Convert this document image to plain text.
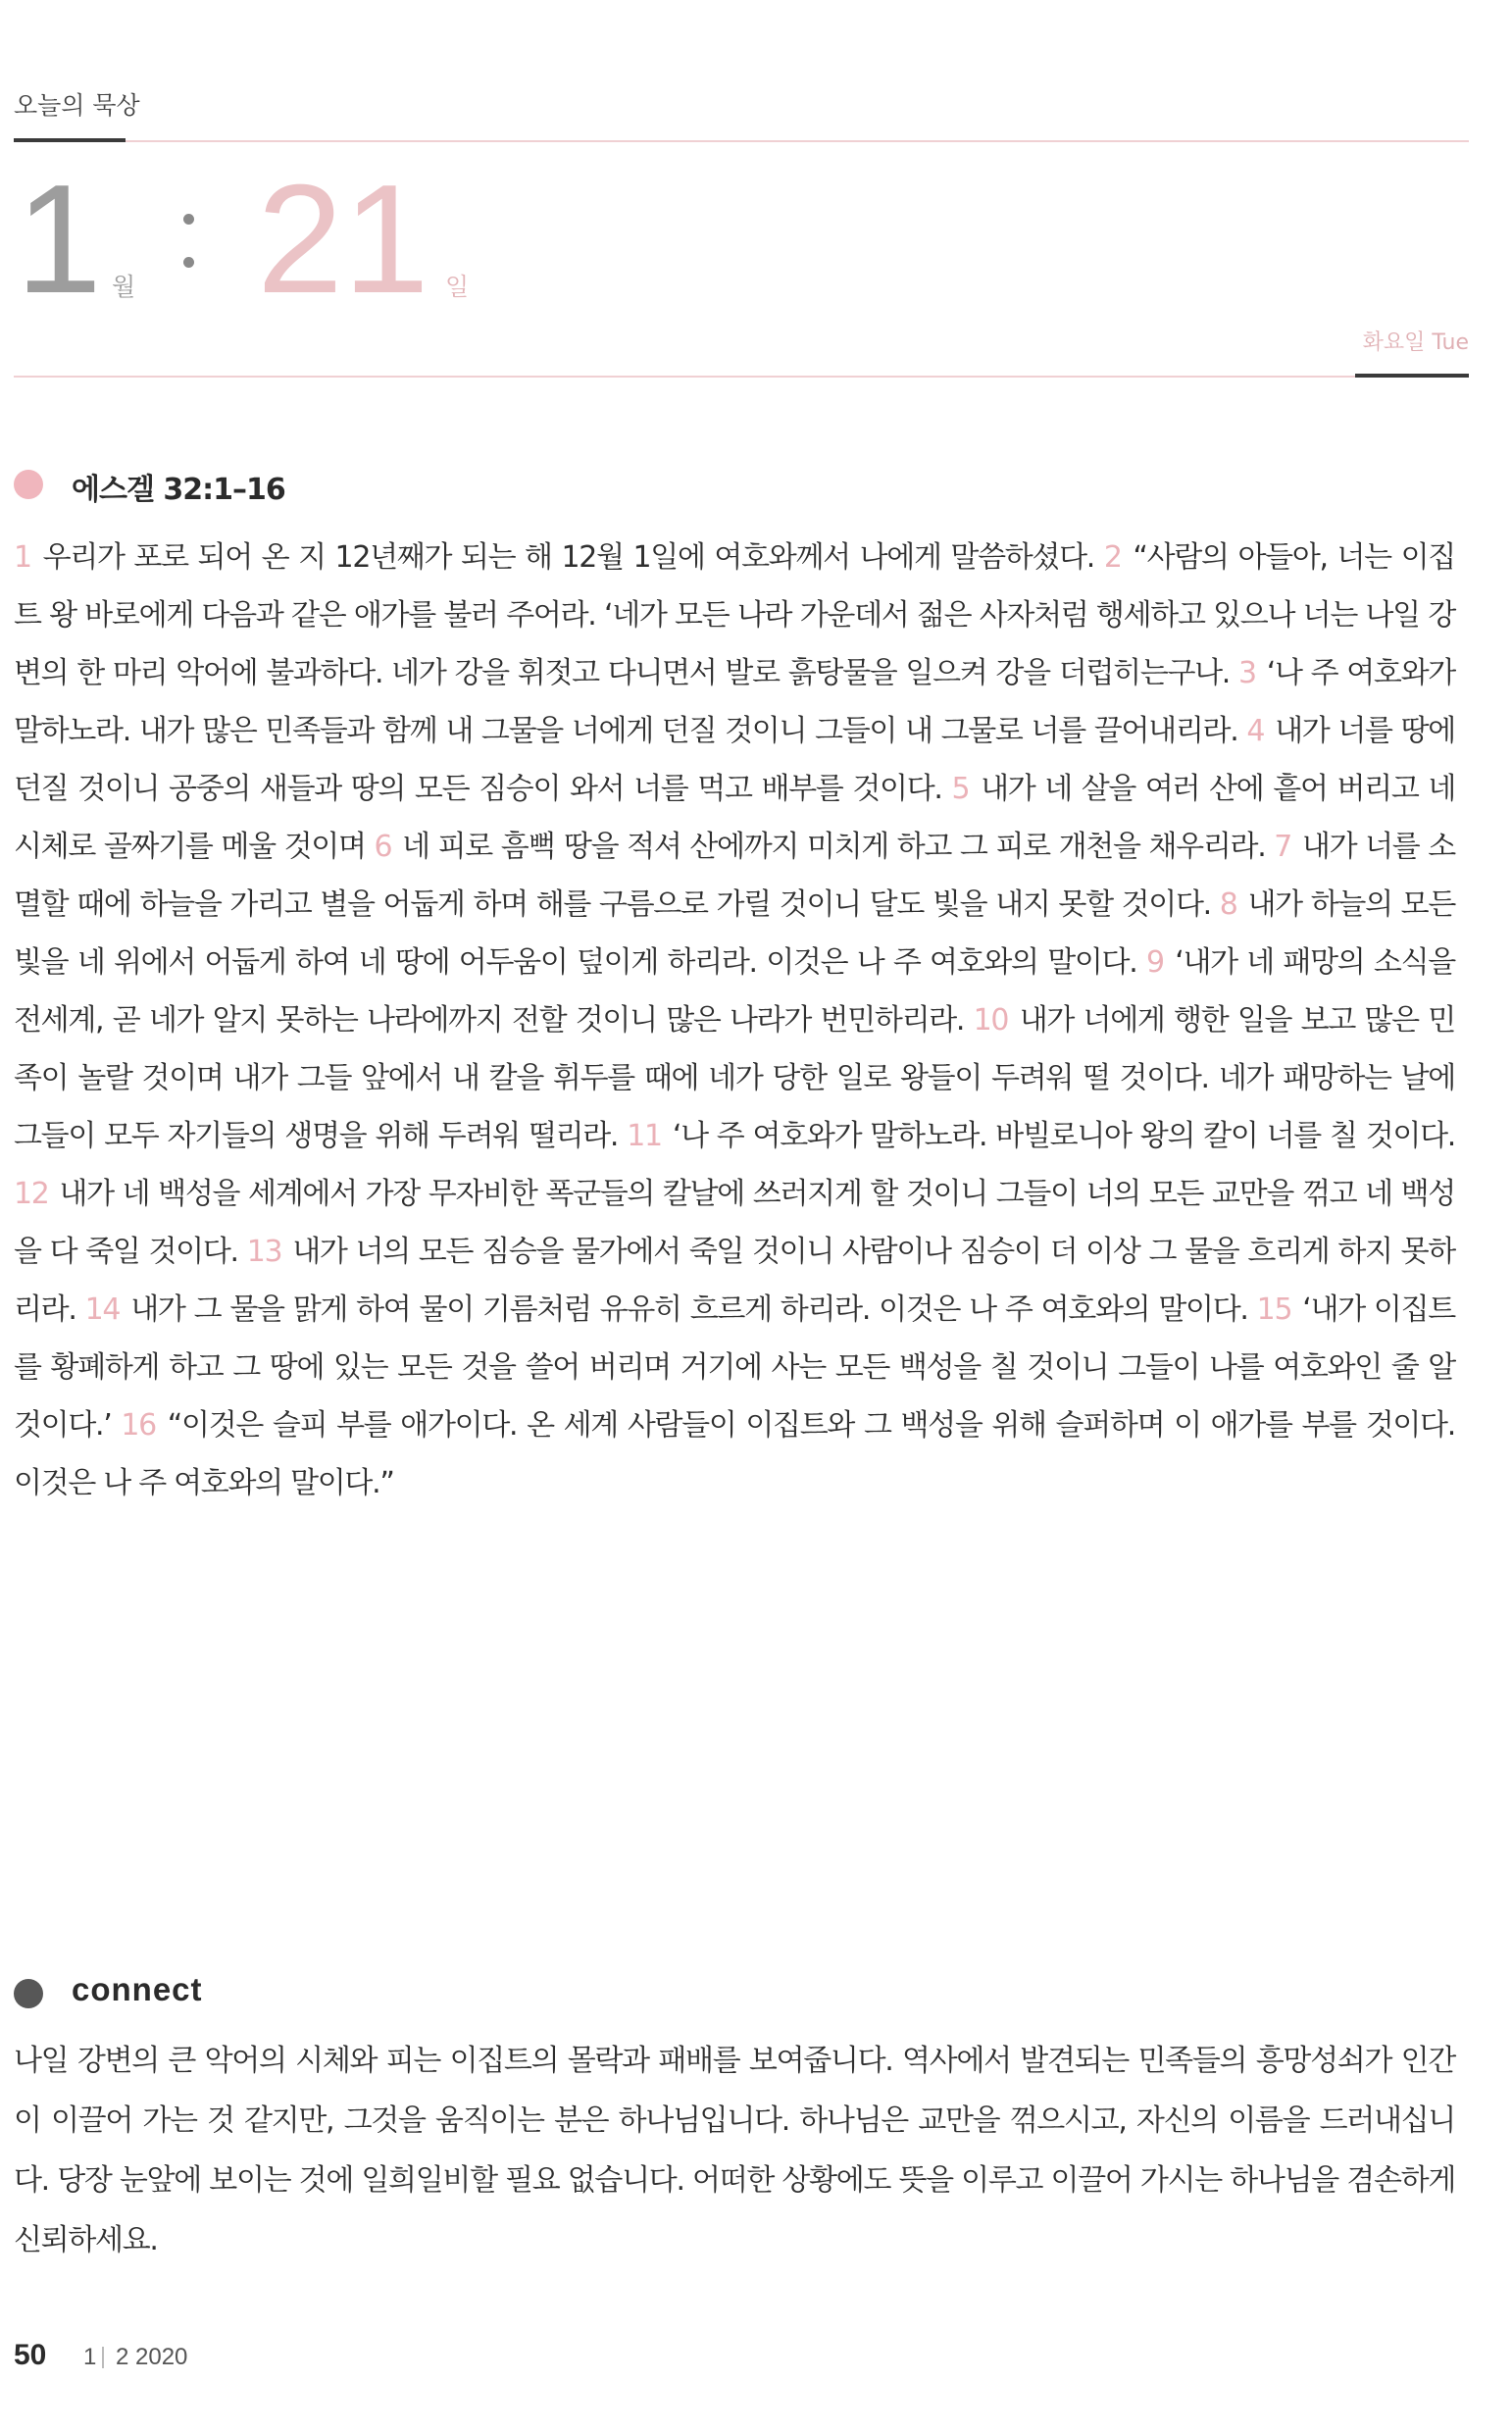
오늘의 묵상
1 월 21 일
화요일 Tue
에스겔 32:1–16
1 우리가 포로 되어 온 지 12년째가 되는 해 12월 1일에 여호와께서 나에게 말씀하셨다. 2 “사람의 아들아, 너는 이집트 왕 바로에게 다음과 같은 애가를 불러 주어라. ‘네가 모든 나라 가운데서 젊은 사자처럼 행세하고 있으나 너는 나일 강변의 한 마리 악어에 불과하다. 네가 강을 휘젓고 다니면서 발로 흙탕물을 일으켜 강을 더럽히는구나. 3 ‘나 주 여호와가 말하노라. 내가 많은 민족들과 함께 내 그물을 너에게 던질 것이니 그들이 내 그물로 너를 끌어내리라. 4 내가 너를 땅에 던질 것이니 공중의 새들과 땅의 모든 짐승이 와서 너를 먹고 배부를 것이다. 5 내가 네 살을 여러 산에 흩어 버리고 네 시체로 골짜기를 메울 것이며 6 네 피로 흠뻑 땅을 적셔 산에까지 미치게 하고 그 피로 개천을 채우리라. 7 내가 너를 소멸할 때에 하늘을 가리고 별을 어둡게 하며 해를 구름으로 가릴 것이니 달도 빛을 내지 못할 것이다. 8 내가 하늘의 모든 빛을 네 위에서 어둡게 하여 네 땅에 어두움이 덮이게 하리라. 이것은 나 주 여호와의 말이다. 9 ‘내가 네 패망의 소식을 전세계, 곧 네가 알지 못하는 나라에까지 전할 것이니 많은 나라가 번민하리라. 10 내가 너에게 행한 일을 보고 많은 민족이 놀랄 것이며 내가 그들 앞에서 내 칼을 휘두를 때에 네가 당한 일로 왕들이 두려워 떨 것이다. 네가 패망하는 날에 그들이 모두 자기들의 생명을 위해 두려워 떨리라. 11 ‘나 주 여호와가 말하노라. 바빌로니아 왕의 칼이 너를 칠 것이다. 12 내가 네 백성을 세계에서 가장 무자비한 폭군들의 칼날에 쓰러지게 할 것이니 그들이 너의 모든 교만을 꺾고 네 백성을 다 죽일 것이다. 13 내가 너의 모든 짐승을 물가에서 죽일 것이니 사람이나 짐승이 더 이상 그 물을 흐리게 하지 못하리라. 14 내가 그 물을 맑게 하여 물이 기름처럼 유유히 흐르게 하리라. 이것은 나 주 여호와의 말이다. 15 ‘내가 이집트를 황폐하게 하고 그 땅에 있는 모든 것을 쓸어 버리며 거기에 사는 모든 백성을 칠 것이니 그들이 나를 여호와인 줄 알 것이다.’ 16 “이것은 슬피 부를 애가이다. 온 세계 사람들이 이집트와 그 백성을 위해 슬퍼하며 이 애가를 부를 것이다. 이것은 나 주 여호와의 말이다.”
connect
나일 강변의 큰 악어의 시체와 피는 이집트의 몰락과 패배를 보여줍니다. 역사에서 발견되는 민족들의 흥망성쇠가 인간이 이끌어 가는 것 같지만, 그것을 움직이는 분은 하나님입니다. 하나님은 교만을 꺾으시고, 자신의 이름을 드러내십니다. 당장 눈앞에 보이는 것에 일희일비할 필요 없습니다. 어떠한 상황에도 뜻을 이루고 이끌어 가시는 하나님을 겸손하게 신뢰하세요.
50 1 2 2020
